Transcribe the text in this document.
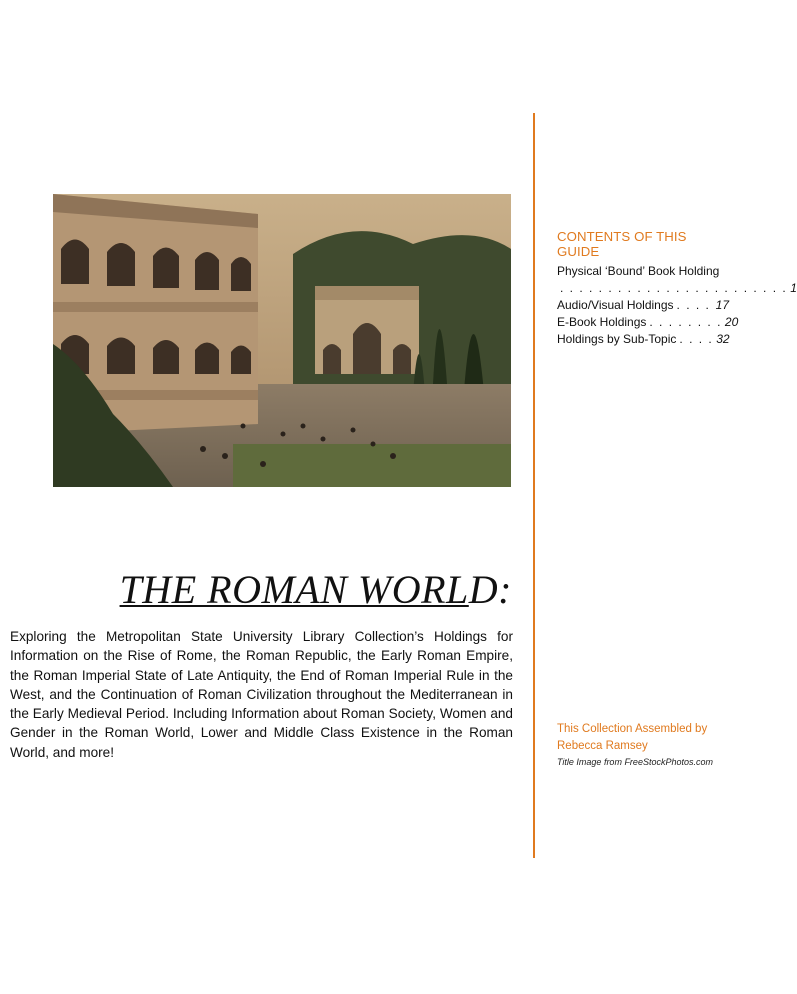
THE ROMAN WORLD:
Exploring the Metropolitan State University Library Collection’s Holdings for Information on the Rise of Rome, the Roman Republic, the Early Roman Empire, the Roman Imperial State of Late Antiquity, the End of Roman Imperial Rule in the West, and the Continuation of Roman Civilization throughout the Mediterranean in the Early Medieval Period. Including Information about Roman Society, Women and Gender in the Roman World, Lower and Middle Class Existence in the Roman World, and more!
CONTENTS OF THIS GUIDE
Physical ‘Bound’ Book Holding
. . . . . . . . . . . . . . . . . . . . . . . . 1
Audio/Visual Holdings . . . . 17
E-Book Holdings . . . . . . . . 20
Holdings by Sub-Topic . . . . 32
This Collection Assembled by
Rebecca Ramsey
Title Image from FreeStockPhotos.com
